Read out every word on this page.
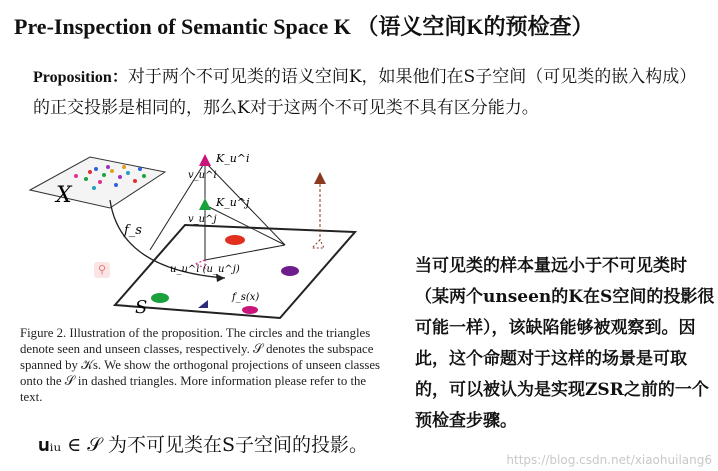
Pre-Inspection of Semantic Space K （语义空间K的预检查）
Proposition：对于两个不可见类的语义空间K，如果他们在S子空间（可见类的嵌入构成）的正交投影是相同的，那么K对于这两个不可见类不具有区分能力。
X
S
f_s
K_u^i
K_u^j
v_u^i
v_u^j
u_u^i (u_u^j)
f_s(x)
⚲
Figure 2. Illustration of the proposition. The circles and the triangles denote seen and unseen classes, respectively. 𝒮 denotes the subspace spanned by 𝒦s. We show the orthogonal projections of unseen classes onto the 𝒮 in dashed triangles. More information please refer to the text.
当可见类的样本量远小于不可见类时（某两个unseen的K在S空间的投影很可能一样），该缺陷能够被观察到。因此，这个命题对于这样的场景是可取的，可以被认为是实现ZSR之前的一个预检查步骤。
𝐮ᵢᵤ ∈ 𝒮 为不可见类在S子空间的投影。
https://blog.csdn.net/xiaohuilang6
